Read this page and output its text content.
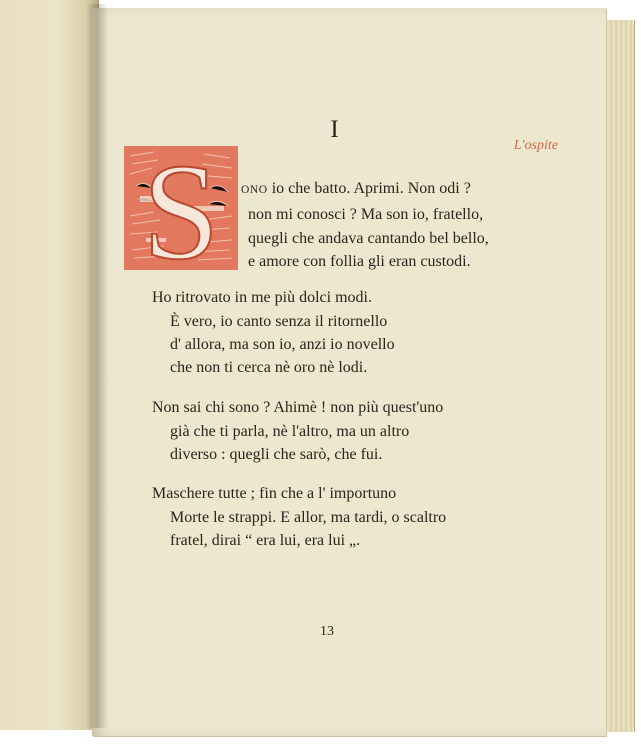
I
L'ospite
S ONO io che batto. Aprimi. Non odi ?
non mi conosci ? Ma son io, fratello,
quegli che andava cantando bel bello,
e amore con follia gli eran custodi.
Ho ritrovato in me più dolci modi.
È vero, io canto senza il ritornello
d' allora, ma son io, anzi io novello
che non ti cerca nè oro nè lodi.
Non sai chi sono ? Ahimè ! non più quest'uno
già che ti parla, nè l'altro, ma un altro
diverso : quegli che sarò, che fui.
Maschere tutte ; fin che a l' importuno
Morte le strappi. E allor, ma tardi, o scaltro
fratel, dirai “ era lui, era lui „.
13
